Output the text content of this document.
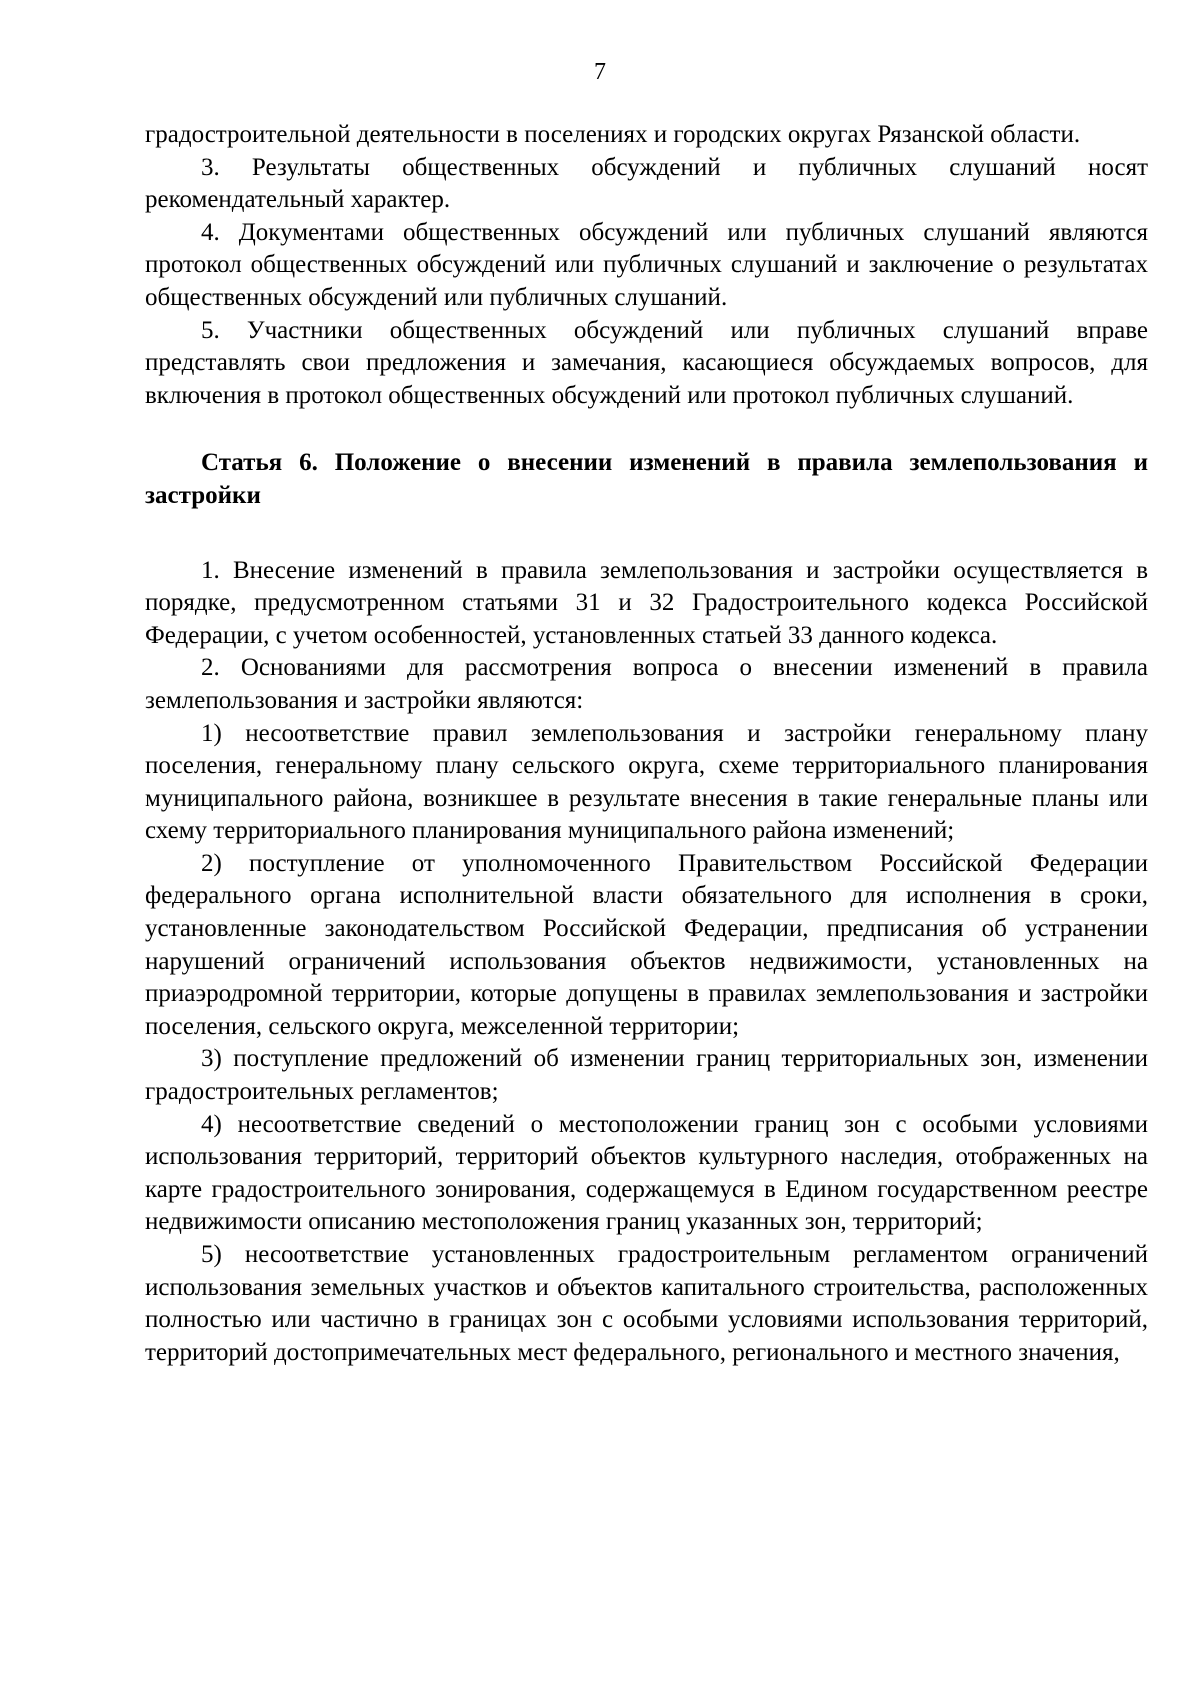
7

градостроительной деятельности в поселениях и городских округах Рязанской области.

3. Результаты общественных обсуждений и публичных слушаний носят рекомендательный характер.

4. Документами общественных обсуждений или публичных слушаний являются протокол общественных обсуждений или публичных слушаний и заключение о результатах общественных обсуждений или публичных слушаний.

5. Участники общественных обсуждений или публичных слушаний вправе представлять свои предложения и замечания, касающиеся обсуждаемых вопросов, для включения в протокол общественных обсуждений или протокол публичных слушаний.

Статья 6. Положение о внесении изменений в правила землепользования и застройки

1. Внесение изменений в правила землепользования и застройки осуществляется в порядке, предусмотренном статьями 31 и 32 Градостроительного кодекса Российской Федерации, с учетом особенностей, установленных статьей 33 данного кодекса.

2. Основаниями для рассмотрения вопроса о внесении изменений в правила землепользования и застройки являются:

1) несоответствие правил землепользования и застройки генеральному плану поселения, генеральному плану сельского округа, схеме территориального планирования муниципального района, возникшее в результате внесения в такие генеральные планы или схему территориального планирования муниципального района изменений;

2) поступление от уполномоченного Правительством Российской Федерации федерального органа исполнительной власти обязательного для исполнения в сроки, установленные законодательством Российской Федерации, предписания об устранении нарушений ограничений использования объектов недвижимости, установленных на приаэродромной территории, которые допущены в правилах землепользования и застройки поселения, сельского округа, межселенной территории;

3) поступление предложений об изменении границ территориальных зон, изменении градостроительных регламентов;

4) несоответствие сведений о местоположении границ зон с особыми условиями использования территорий, территорий объектов культурного наследия, отображенных на карте градостроительного зонирования, содержащемуся в Едином государственном реестре недвижимости описанию местоположения границ указанных зон, территорий;

5) несоответствие установленных градостроительным регламентом ограничений использования земельных участков и объектов капитального строительства, расположенных полностью или частично в границах зон с особыми условиями использования территорий, территорий достопримечательных мест федерального, регионального и местного значения,
